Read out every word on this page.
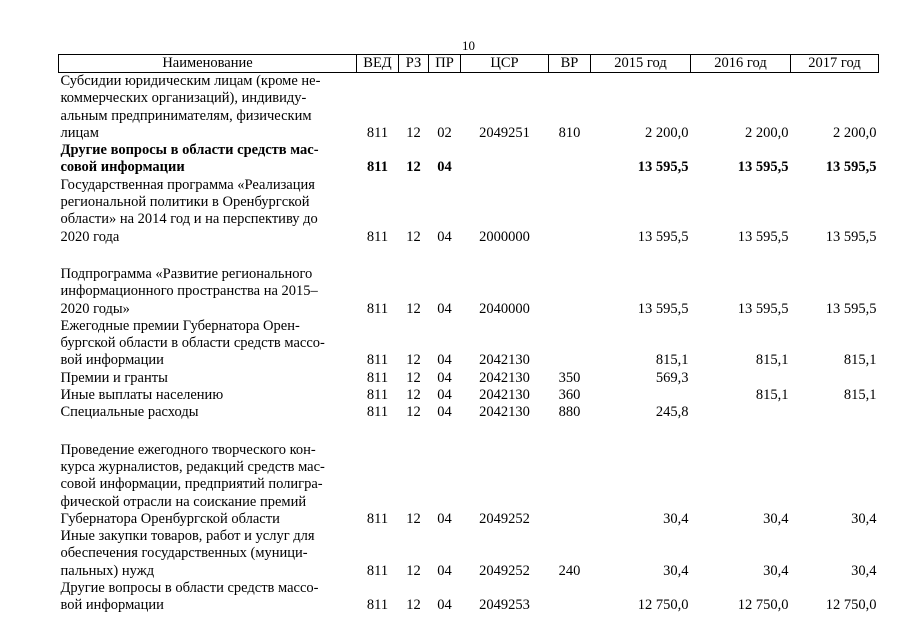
10
Наименование	ВЕД	РЗ	ПР	ЦСР	ВР	2015 год	2016 год	2017 год

Субсидии юридическим лицам (кроме не-
коммерческих организаций), индивиду-
альным предпринимателям, физическим
лицам	811	12	02	2049251	810	2 200,0	2 200,0	2 200,0

Другие вопросы в области средств мас-
совой информации	811	12	04			13 595,5	13 595,5	13 595,5

Государственная программа «Реализация
региональной политики в Оренбургской
области» на 2014 год и на перспективу до
2020 года	811	12	04	2000000		13 595,5	13 595,5	13 595,5

Подпрограмма «Развитие регионального
информационного пространства на 2015–
2020 годы»	811	12	04	2040000		13 595,5	13 595,5	13 595,5

Ежегодные премии Губернатора Орен-
бургской области в области средств массо-
вой информации	811	12	04	2042130		815,1	815,1	815,1
Премии и гранты	811	12	04	2042130	350	569,3		
Иные выплаты населению	811	12	04	2042130	360		815,1	815,1
Специальные расходы	811	12	04	2042130	880	245,8		

Проведение ежегодного творческого кон-
курса журналистов, редакций средств мас-
совой информации, предприятий полигра-
фической отрасли на соискание премий
Губернатора Оренбургской области	811	12	04	2049252		30,4	30,4	30,4

Иные закупки товаров, работ и услуг для
обеспечения государственных (муници-
пальных) нужд	811	12	04	2049252	240	30,4	30,4	30,4

Другие вопросы в области средств массо-
вой информации	811	12	04	2049253		12 750,0	12 750,0	12 750,0
